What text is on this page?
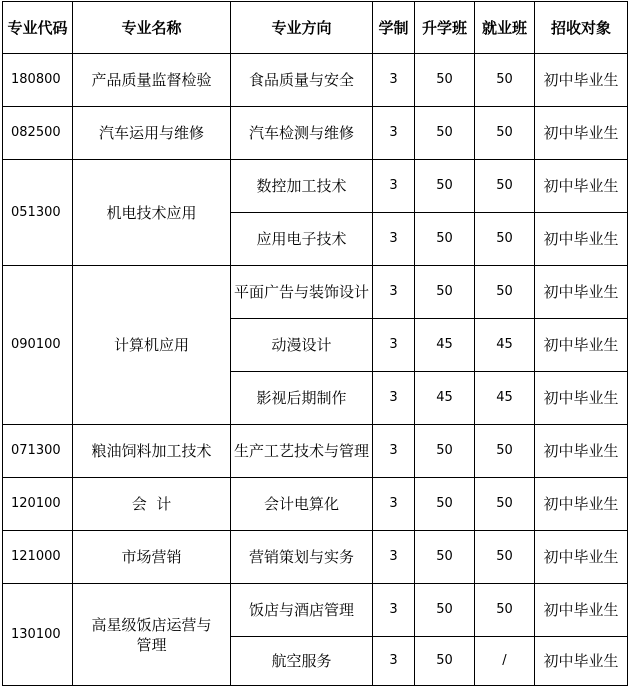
专业代码	专业名称	专业方向	学制	升学班	就业班	招收对象
180800	产品质量监督检验	食品质量与安全	3	50	50	初中毕业生
082500	汽车运用与维修	汽车检测与维修	3	50	50	初中毕业生
051300	机电技术应用	数控加工技术	3	50	50	初中毕业生
		应用电子技术	3	50	50	初中毕业生
090100	计算机应用	平面广告与装饰设计	3	50	50	初中毕业生
		动漫设计	3	45	45	初中毕业生
		影视后期制作	3	45	45	初中毕业生
071300	粮油饲料加工技术	生产工艺技术与管理	3	50	50	初中毕业生
120100	会  计	会计电算化	3	50	50	初中毕业生
121000	市场营销	营销策划与实务	3	50	50	初中毕业生
130100	高星级饭店运营与管理	饭店与酒店管理	3	50	50	初中毕业生
		航空服务	3	50	/	初中毕业生
